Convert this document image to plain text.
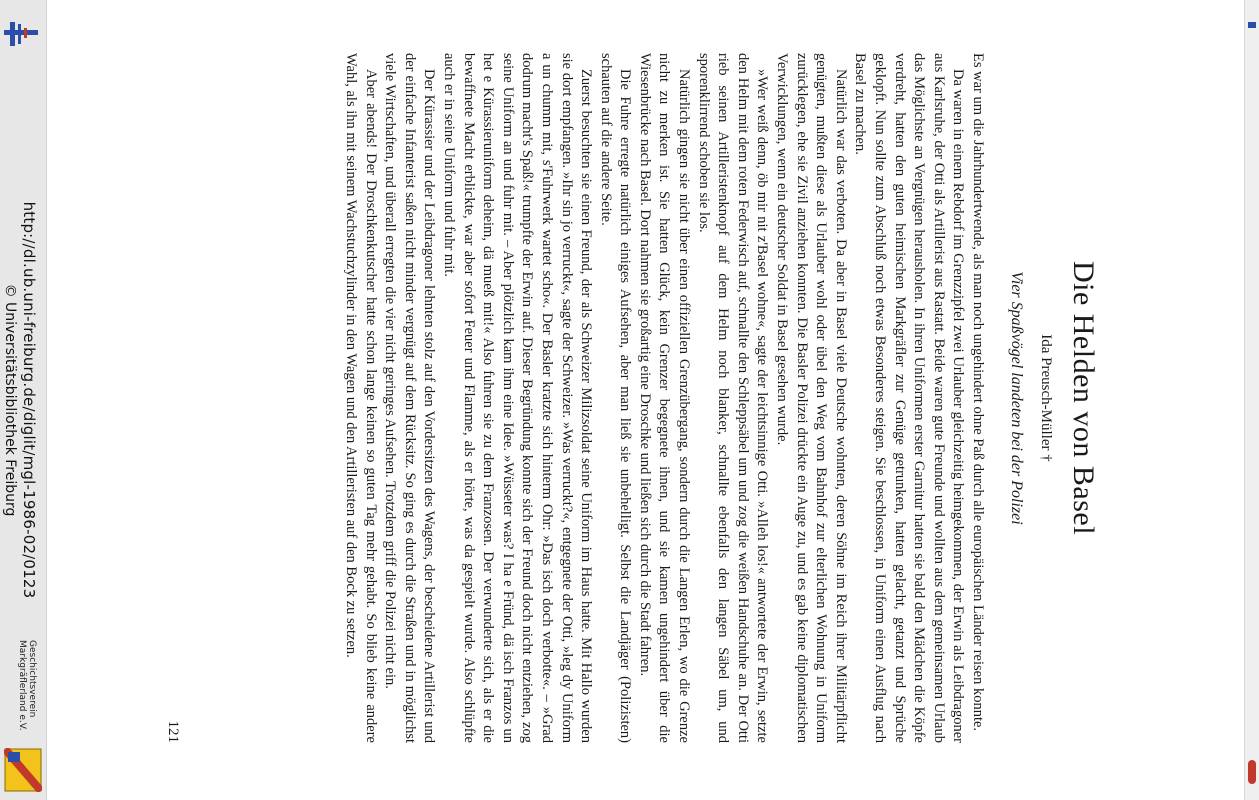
http://dl.ub.uni-freiburg.de/diglit/mgl-1986-02/0123
© Universitätsbibliothek Freiburg
Geschichtsverein
Markgräflerland e.V.
Die Helden von Basel
Ida Preusch-Müller †
Vier Spaßvögel landeten bei der Polizei

Es war um die Jahrhundertwende, als man noch ungehindert ohne Paß durch alle europäischen Länder reisen konnte.

Da waren in einem Rebdorf im Grenzzipfel zwei Urlauber gleichzeitig heimgekommen, der Erwin als Leibdragoner aus Karlsruhe, der Otti als Artillerist aus Rastatt. Beide waren gute Freunde und wollten aus dem gemeinsamen Urlaub das Möglichste an Vergnügen herausholen. In ihren Uniformen erster Garnitur hatten sie bald den Mädchen die Köpfe verdreht, hatten den guten heimischen Markgräfler zur Genüge getrunken, hatten gelacht, getanzt und Sprüche geklopft. Nun sollte zum Abschluß noch etwas Besonderes steigen. Sie beschlossen, in Uniform einen Ausflug nach Basel zu machen.

Natürlich war das verboten. Da aber in Basel viele Deutsche wohnten, deren Söhne im Reich ihrer Militärpflicht genügten, mußten diese als Urlauber wohl oder übel den Weg vom Bahnhof zur elterlichen Wohnung in Uniform zurücklegen, ehe sie Zivil anziehen konnten. Die Basler Polizei drückte ein Auge zu, und es gab keine diplomatischen Verwicklungen, wenn ein deutscher Soldat in Basel gesehen wurde.

»Wer weiß denn, öb mir nit z'Basel wohne«, sagte der leichtsinnige Otti. »Alleh los!« antwortete der Erwin, setzte den Helm mit dem roten Federwisch auf, schnallte den Schleppsäbel um und zog die weißen Handschuhe an. Der Otti rieb seinen Artilleristenknopf auf dem Helm noch blanker, schnallte ebenfalls den langen Säbel um, und sporenklirrend schoben sie los.

Natürlich gingen sie nicht über einen offiziellen Grenzübergang, sondern durch die Langen Erlen, wo die Grenze nicht zu merken ist. Sie hatten Glück, kein Grenzer begegnete ihnen, und sie kamen ungehindert über die Wiesenbrücke nach Basel. Dort nahmen sie großartig eine Droschke und ließen sich durch die Stadt fahren.

Die Fuhre erregte natürlich einiges Aufsehen, aber man ließ sie unbehelligt. Selbst die Landjäger (Polizisten) schauten auf die andere Seite.

Zuerst besuchten sie einen Freund, der als Schweizer Milizsoldat seine Uniform im Haus hatte. Mit Hallo wurden sie dort empfangen. »Ihr sin jo verruckt«, sagte der Schweizer. »Was verruckt?«, entgegnete der Otti, »leg dy Uniform a un chumm mit, s'Fuhrwerk wartet scho«. Der Basler kratzte sich hinterm Ohr: »Das isch doch verbotte«. – »Grad dodrum macht's Spaß!« trumpfte der Erwin auf. Dieser Begründung konnte sich der Freund doch nicht entziehen, zog seine Uniform an und fuhr mit. – Aber plötzlich kam ihm eine Idee. »Wüsseter was? I ha e Fründ, dä isch Franzos un het e Kürassieruniform deheim, dä mueß mit!« Also fuhren sie zu dem Franzosen. Der verwunderte sich, als er die bewaffnete Macht erblickte, war aber sofort Feuer und Flamme, als er hörte, was da gespielt wurde. Also schlüpfte auch er in seine Uniform und fuhr mit.

Der Kürassier und der Leibdragoner lehnten stolz auf den Vordersitzen des Wagens, der bescheidene Artillerist und der einfache Infanterist saßen nicht minder vergnügt auf dem Rücksitz. So ging es durch die Straßen und in möglichst viele Wirtschaften, und überall erregten die vier nicht geringes Aufsehen. Trotzdem griff die Polizei nicht ein.

Aber abends! Der Droschkenkutscher hatte schon lange keinen so guten Tag mehr gehabt. So blieb keine andere Wahl, als ihn mit seinem Wachstuchzylinder in den Wagen und den Artilleristen auf den Bock zu setzen.

121
